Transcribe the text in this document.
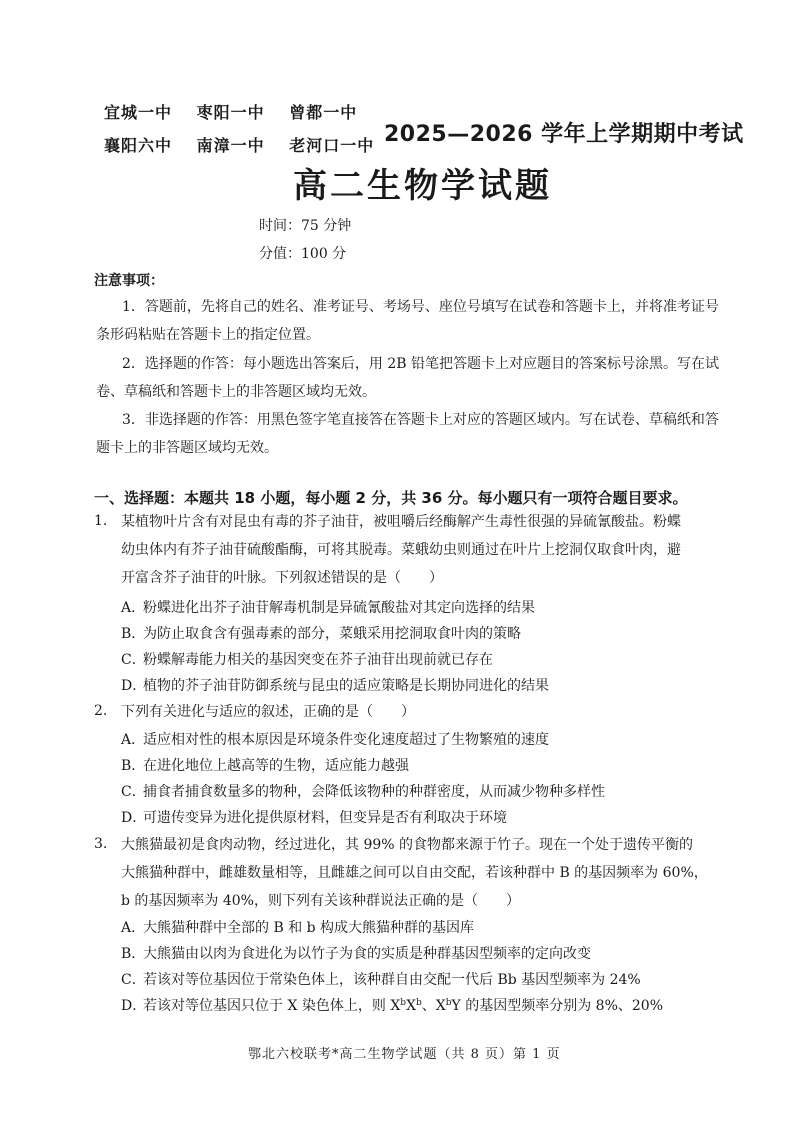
宜城一中 枣阳一中 曾都一中
襄阳六中 南漳一中 老河口一中 2025—2026 学年上学期期中考试
高二生物学试题
时间：75 分钟
分值：100 分
注意事项：
1．答题前，先将自己的姓名、准考证号、考场号、座位号填写在试卷和答题卡上，并将准考证号条形码粘贴在答题卡上的指定位置。
2．选择题的作答：每小题选出答案后，用 2B 铅笔把答题卡上对应题目的答案标号涂黑。写在试卷、草稿纸和答题卡上的非答题区域均无效。
3．非选择题的作答：用黑色签字笔直接答在答题卡上对应的答题区域内。写在试卷、草稿纸和答题卡上的非答题区域均无效。
一、选择题：本题共 18 小题，每小题 2 分，共 36 分。每小题只有一项符合题目要求。
1. 某植物叶片含有对昆虫有毒的芥子油苷，被咀嚼后经酶解产生毒性很强的异硫氰酸盐。粉蝶
幼虫体内有芥子油苷硫酸酯酶，可将其脱毒。菜蛾幼虫则通过在叶片上挖洞仅取食叶肉，避
开富含芥子油苷的叶脉。下列叙述错误的是（　　）
A．粉蝶进化出芥子油苷解毒机制是异硫氰酸盐对其定向选择的结果
B．为防止取食含有强毒素的部分，菜蛾采用挖洞取食叶肉的策略
C．粉蝶解毒能力相关的基因突变在芥子油苷出现前就已存在
D．植物的芥子油苷防御系统与昆虫的适应策略是长期协同进化的结果
2. 下列有关进化与适应的叙述，正确的是（　　）
A．适应相对性的根本原因是环境条件变化速度超过了生物繁殖的速度
B．在进化地位上越高等的生物，适应能力越强
C．捕食者捕食数量多的物种，会降低该物种的种群密度，从而减少物种多样性
D．可遗传变异为进化提供原材料，但变异是否有利取决于环境
3. 大熊猫最初是食肉动物，经过进化，其 99% 的食物都来源于竹子。现在一个处于遗传平衡的
大熊猫种群中，雌雄数量相等，且雌雄之间可以自由交配，若该种群中 B 的基因频率为 60%，
b 的基因频率为 40%，则下列有关该种群说法正确的是（　　）
A．大熊猫种群中全部的 B 和 b 构成大熊猫种群的基因库
B．大熊猫由以肉为食进化为以竹子为食的实质是种群基因型频率的定向改变
C．若该对等位基因位于常染色体上，该种群自由交配一代后 Bb 基因型频率为 24%
D．若该对等位基因只位于 X 染色体上，则 $X^bX^b$、$X^bY$ 的基因型频率分别为 8%、20%
鄂北六校联考*高二生物学试题（共 8 页）第 1 页
